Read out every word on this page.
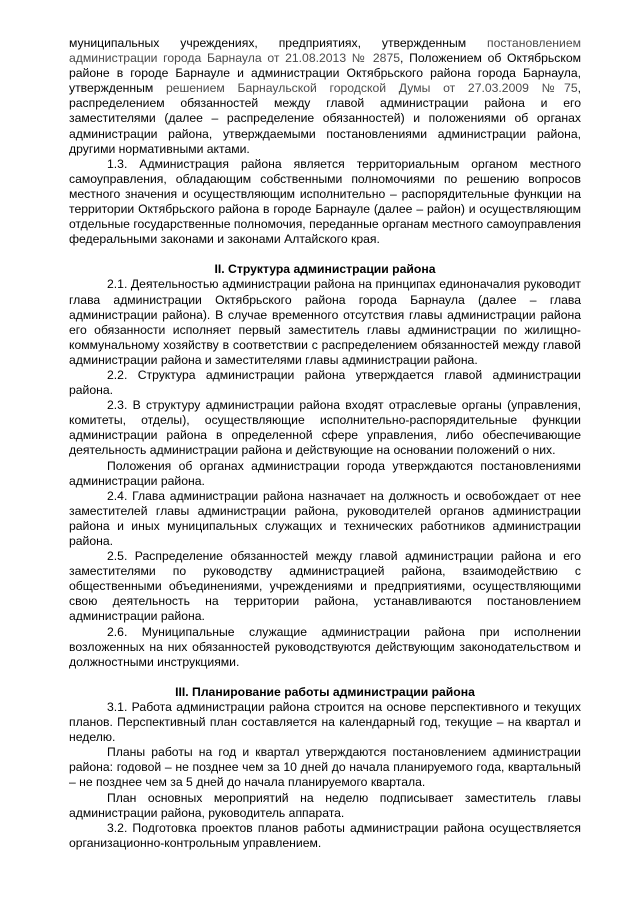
муниципальных учреждениях, предприятиях, утвержденным постановлением администрации города Барнаула от 21.08.2013 № 2875, Положением об Октябрьском районе в городе Барнауле и администрации Октябрьского района города Барнаула, утвержденным решением Барнаульской городской Думы от 27.03.2009 №75, распределением обязанностей между главой администрации района и его заместителями (далее – распределение обязанностей) и положениями об органах администрации района, утверждаемыми постановлениями администрации района, другими нормативными актами.

1.3. Администрация района является территориальным органом местного самоуправления, обладающим собственными полномочиями по решению вопросов местного значения и осуществляющим исполнительно – распорядительные функции на территории Октябрьского района в городе Барнауле (далее – район) и осуществляющим отдельные государственные полномочия, переданные органам местного самоуправления федеральными законами и законами Алтайского края.

II. Структура администрации района

2.1. Деятельностью администрации района на принципах единоначалия руководит глава администрации Октябрьского района города Барнаула (далее – глава администрации района). В случае временного отсутствия главы администрации района его обязанности исполняет первый заместитель главы администрации по жилищно-коммунальному хозяйству в соответствии с распределением обязанностей между главой администрации района и заместителями главы администрации района.

2.2. Структура администрации района утверждается главой администрации района.

2.3. В структуру администрации района входят отраслевые органы (управления, комитеты, отделы), осуществляющие исполнительно-распорядительные функции администрации района в определенной сфере управления, либо обеспечивающие деятельность администрации района и действующие на основании положений о них.

Положения об органах администрации города утверждаются постановлениями администрации района.

2.4. Глава администрации района назначает на должность и освобождает от нее заместителей главы администрации района, руководителей органов администрации района и иных муниципальных служащих и технических работников администрации района.

2.5. Распределение обязанностей между главой администрации района и его заместителями по руководству администрацией района, взаимодействию с общественными объединениями, учреждениями и предприятиями, осуществляющими свою деятельность на территории района, устанавливаются постановлением администрации района.

2.6. Муниципальные служащие администрации района при исполнении возложенных на них обязанностей руководствуются действующим законодательством и должностными инструкциями.

III. Планирование работы администрации района

3.1. Работа администрации района строится на основе перспективного и текущих планов. Перспективный план составляется на календарный год, текущие – на квартал и неделю.

Планы работы на год и квартал утверждаются постановлением администрации района: годовой – не позднее чем за 10 дней до начала планируемого года, квартальный – не позднее чем за 5 дней до начала планируемого квартала.

План основных мероприятий на неделю подписывает заместитель главы администрации района, руководитель аппарата.

3.2. Подготовка проектов планов работы администрации района осуществляется организационно-контрольным управлением.
